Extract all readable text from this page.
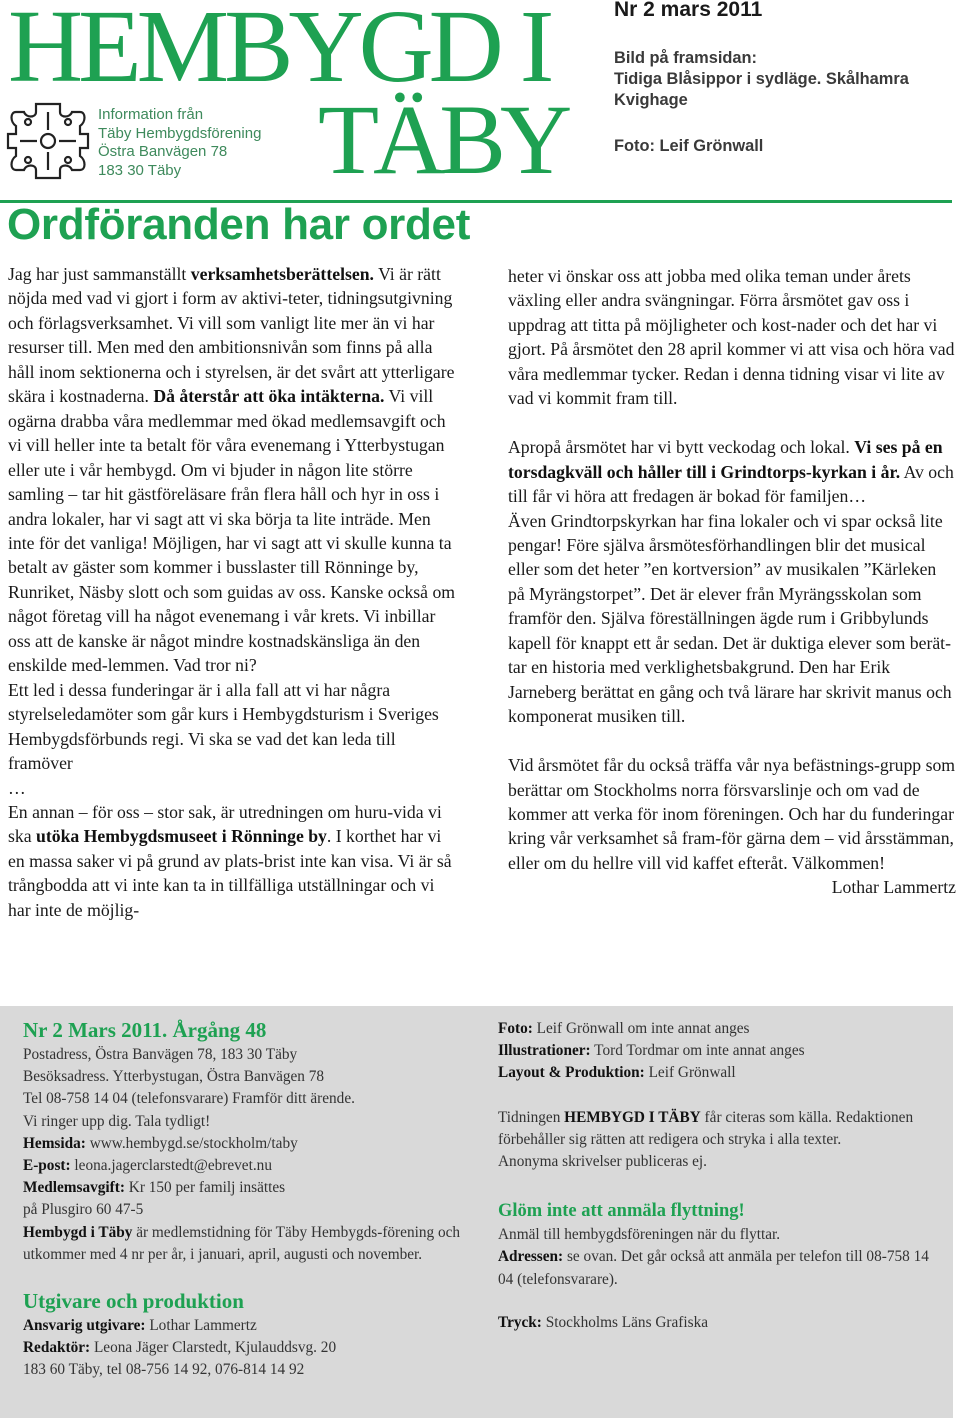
HEMBYGD I
TÄBY
Information från
Täby Hembygdsförening
Östra Banvägen 78
183 30 Täby
Nr 2 mars 2011
Bild på framsidan:
Tidiga Blåsippor i sydläge. Skålhamra Kvighage
Foto: Leif Grönwall
Ordföranden har ordet

Jag har just sammanställt verksamhetsberättelsen. Vi är rätt nöjda med vad vi gjort i form av aktivi-teter, tidningsutgivning och förlagsverksamhet. Vi vill som vanligt lite mer än vi har resurser till. Men med den ambitionsnivån som finns på alla håll inom sektionerna och i styrelsen, är det svårt att ytterligare skära i kostnaderna. Då återstår att öka intäkterna. Vi vill ogärna drabba våra medlemmar med ökad medlemsavgift och vi vill heller inte ta betalt för våra evenemang i Ytterbystugan eller ute i vår hembygd. Om vi bjuder in någon lite större samling – tar hit gästföreläsare från flera håll och hyr in oss i andra lokaler, har vi sagt att vi ska börja ta lite inträde. Men inte för det vanliga! Möjligen, har vi sagt att vi skulle kunna ta betalt av gäster som kommer i busslaster till Rönninge by, Runriket, Näsby slott och som guidas av oss. Kanske också om något företag vill ha något evenemang i vår krets. Vi inbillar oss att de kanske är något mindre kostnadskänsliga än den enskilde med-lemmen. Vad tror ni?

Ett led i dessa funderingar är i alla fall att vi har några styrelseledamöter som går kurs i Hembygdsturism i Sveriges Hembygdsförbunds regi. Vi ska se vad det kan leda till framöver

…

En annan – för oss – stor sak, är utredningen om huru-vida vi ska utöka Hembygdsmuseet i Rönninge by. I korthet har vi en massa saker vi på grund av plats-brist inte kan visa. Vi är så trångbodda att vi inte kan ta in tillfälliga utställningar och vi har inte de möjlig-

heter vi önskar oss att jobba med olika teman under årets växling eller andra svängningar. Förra årsmötet gav oss i uppdrag att titta på möjligheter och kost-nader och det har vi gjort. På årsmötet den 28 april kommer vi att visa och höra vad våra medlemmar tycker. Redan i denna tidning visar vi lite av vad vi kommit fram till.

Apropå årsmötet har vi bytt veckodag och lokal. Vi ses på en torsdagkväll och håller till i Grindtorps-kyrkan i år. Av och till får vi höra att fredagen är bokad för familjen…

Även Grindtorpskyrkan har fina lokaler och vi spar också lite pengar! Före själva årsmötesförhandlingen blir det musical eller som det heter ”en kortversion” av musikalen ”Kärleken på Myrängstorpet”. Det är elever från Myrängsskolan som framför den. Själva föreställningen ägde rum i Gribbylunds kapell för knappt ett år sedan. Det är duktiga elever som berät-tar en historia med verklighetsbakgrund. Den har Erik Jarneberg berättat en gång och två lärare har skrivit manus och komponerat musiken till.

Vid årsmötet får du också träffa vår nya befästnings-grupp som berättar om Stockholms norra försvarslinje och om vad de kommer att verka för inom föreningen. Och har du funderingar kring vår verksamhet så fram-för gärna dem – vid årsstämman, eller om du hellre vill vid kaffet efteråt. Välkommen!

Lothar Lammertz
Nr 2 Mars 2011. Årgång 48

Postadress, Östra Banvägen 78, 183 30 Täby

Besöksadress. Ytterbystugan, Östra Banvägen 78

Tel 08-758 14 04 (telefonsvarare) Framför ditt ärende.

Vi ringer upp dig. Tala tydligt!

Hemsida: www.hembygd.se/stockholm/taby

E-post: leona.jagerclarstedt@ebrevet.nu

Medlemsavgift: Kr 150 per familj insättes

på Plusgiro 60 47-5

Hembygd i Täby är medlemstidning för Täby Hembygds-förening och utkommer med 4 nr per år, i januari, april, augusti och november.

Utgivare och produktion

Ansvarig utgivare: Lothar Lammertz

Redaktör: Leona Jäger Clarstedt, Kjulauddsvg. 20

183 60 Täby, tel 08-756 14 92, 076-814 14 92

Foto: Leif Grönwall om inte annat anges

Illustrationer: Tord Tordmar om inte annat anges

Layout & Produktion: Leif Grönwall

Tidningen HEMBYGD I TÄBY får citeras som källa. Redaktionen förbehåller sig rätten att redigera och stryka i alla texter.

Anonyma skrivelser publiceras ej.

Glöm inte att anmäla flyttning!

Anmäl till hembygdsföreningen när du flyttar.

Adressen: se ovan. Det går också att anmäla per telefon till 08-758 14 04 (telefonsvarare).

Tryck: Stockholms Läns Grafiska
